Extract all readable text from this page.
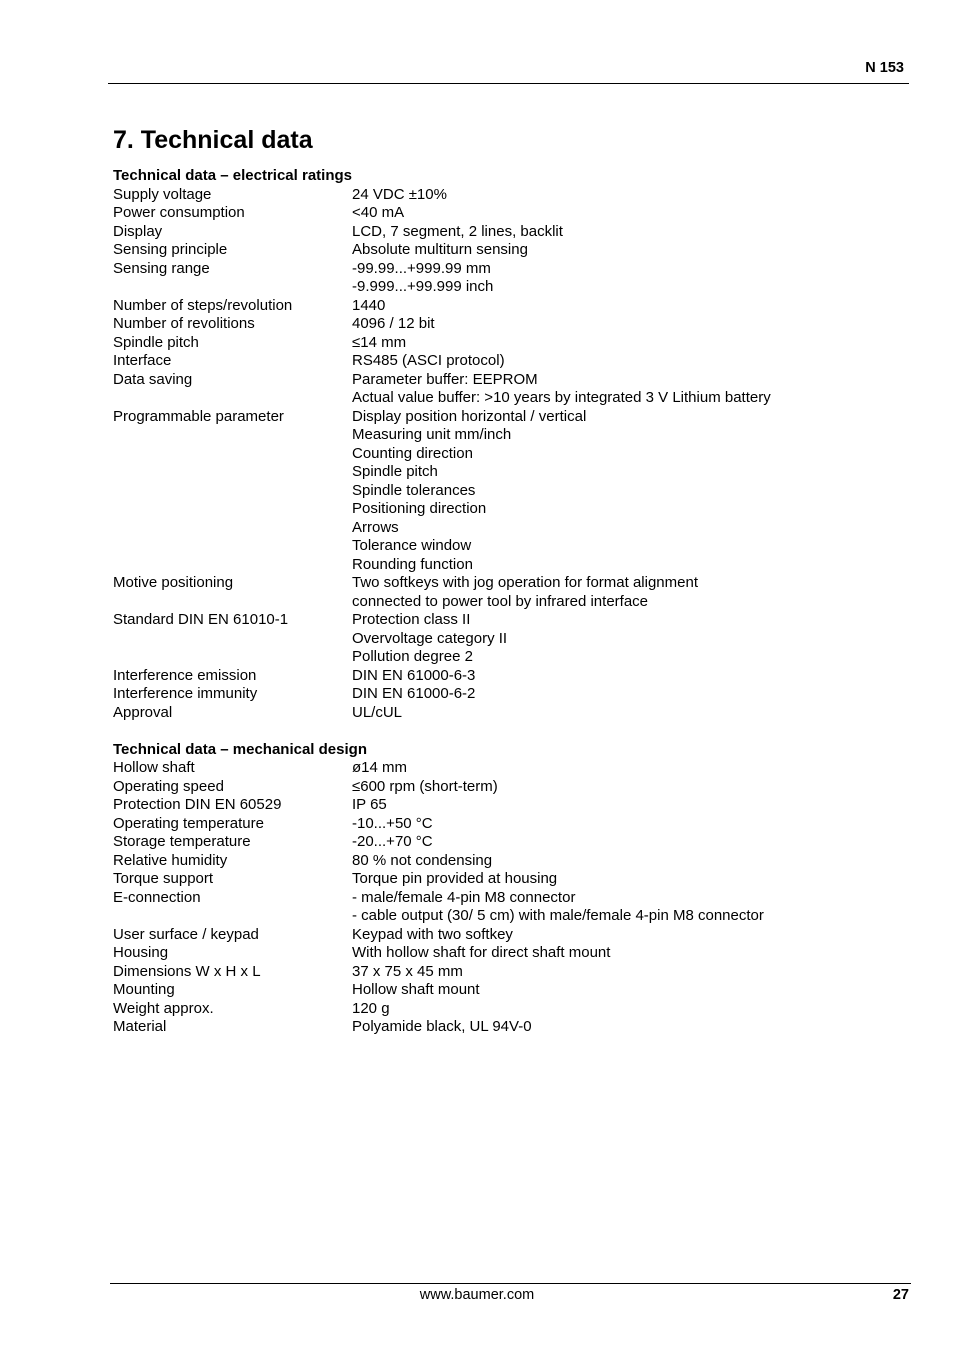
N 153
7. Technical data
Technical data – electrical ratings
Supply voltage	24 VDC ±10%
Power consumption	<40 mA
Display	LCD, 7 segment, 2 lines, backlit
Sensing principle	Absolute multiturn sensing
Sensing range	-99.99...+999.99 mm
-9.999...+99.999 inch
Number of steps/revolution	1440
Number of revolitions	4096 / 12 bit
Spindle pitch	≤14 mm
Interface	RS485 (ASCI protocol)
Data saving	Parameter buffer: EEPROM
Actual value buffer: >10 years by integrated 3 V Lithium battery
Programmable parameter	Display position horizontal / vertical
Measuring unit mm/inch
Counting direction
Spindle pitch
Spindle tolerances
Positioning direction
Arrows
Tolerance window
Rounding function
Motive positioning	Two softkeys with jog operation for format alignment
connected to power tool by infrared interface
Standard DIN EN 61010-1	Protection class II
Overvoltage category II
Pollution degree 2
Interference emission	DIN EN 61000-6-3
Interference immunity	DIN EN 61000-6-2
Approval	UL/cUL
Technical data – mechanical design
Hollow shaft	ø14 mm
Operating speed	≤600 rpm (short-term)
Protection DIN EN 60529	IP 65
Operating temperature	-10...+50 °C
Storage temperature	-20...+70 °C
Relative humidity	80 % not condensing
Torque support	Torque pin provided at housing
E-connection	- male/female 4-pin M8 connector
- cable output (30/ 5 cm) with male/female 4-pin M8 connector
User surface / keypad	Keypad with two softkey
Housing	With hollow shaft for direct shaft mount
Dimensions W x H x L	37 x 75 x 45 mm
Mounting	Hollow shaft mount
Weight approx.	120 g
Material	Polyamide black, UL 94V-0
www.baumer.com	27
